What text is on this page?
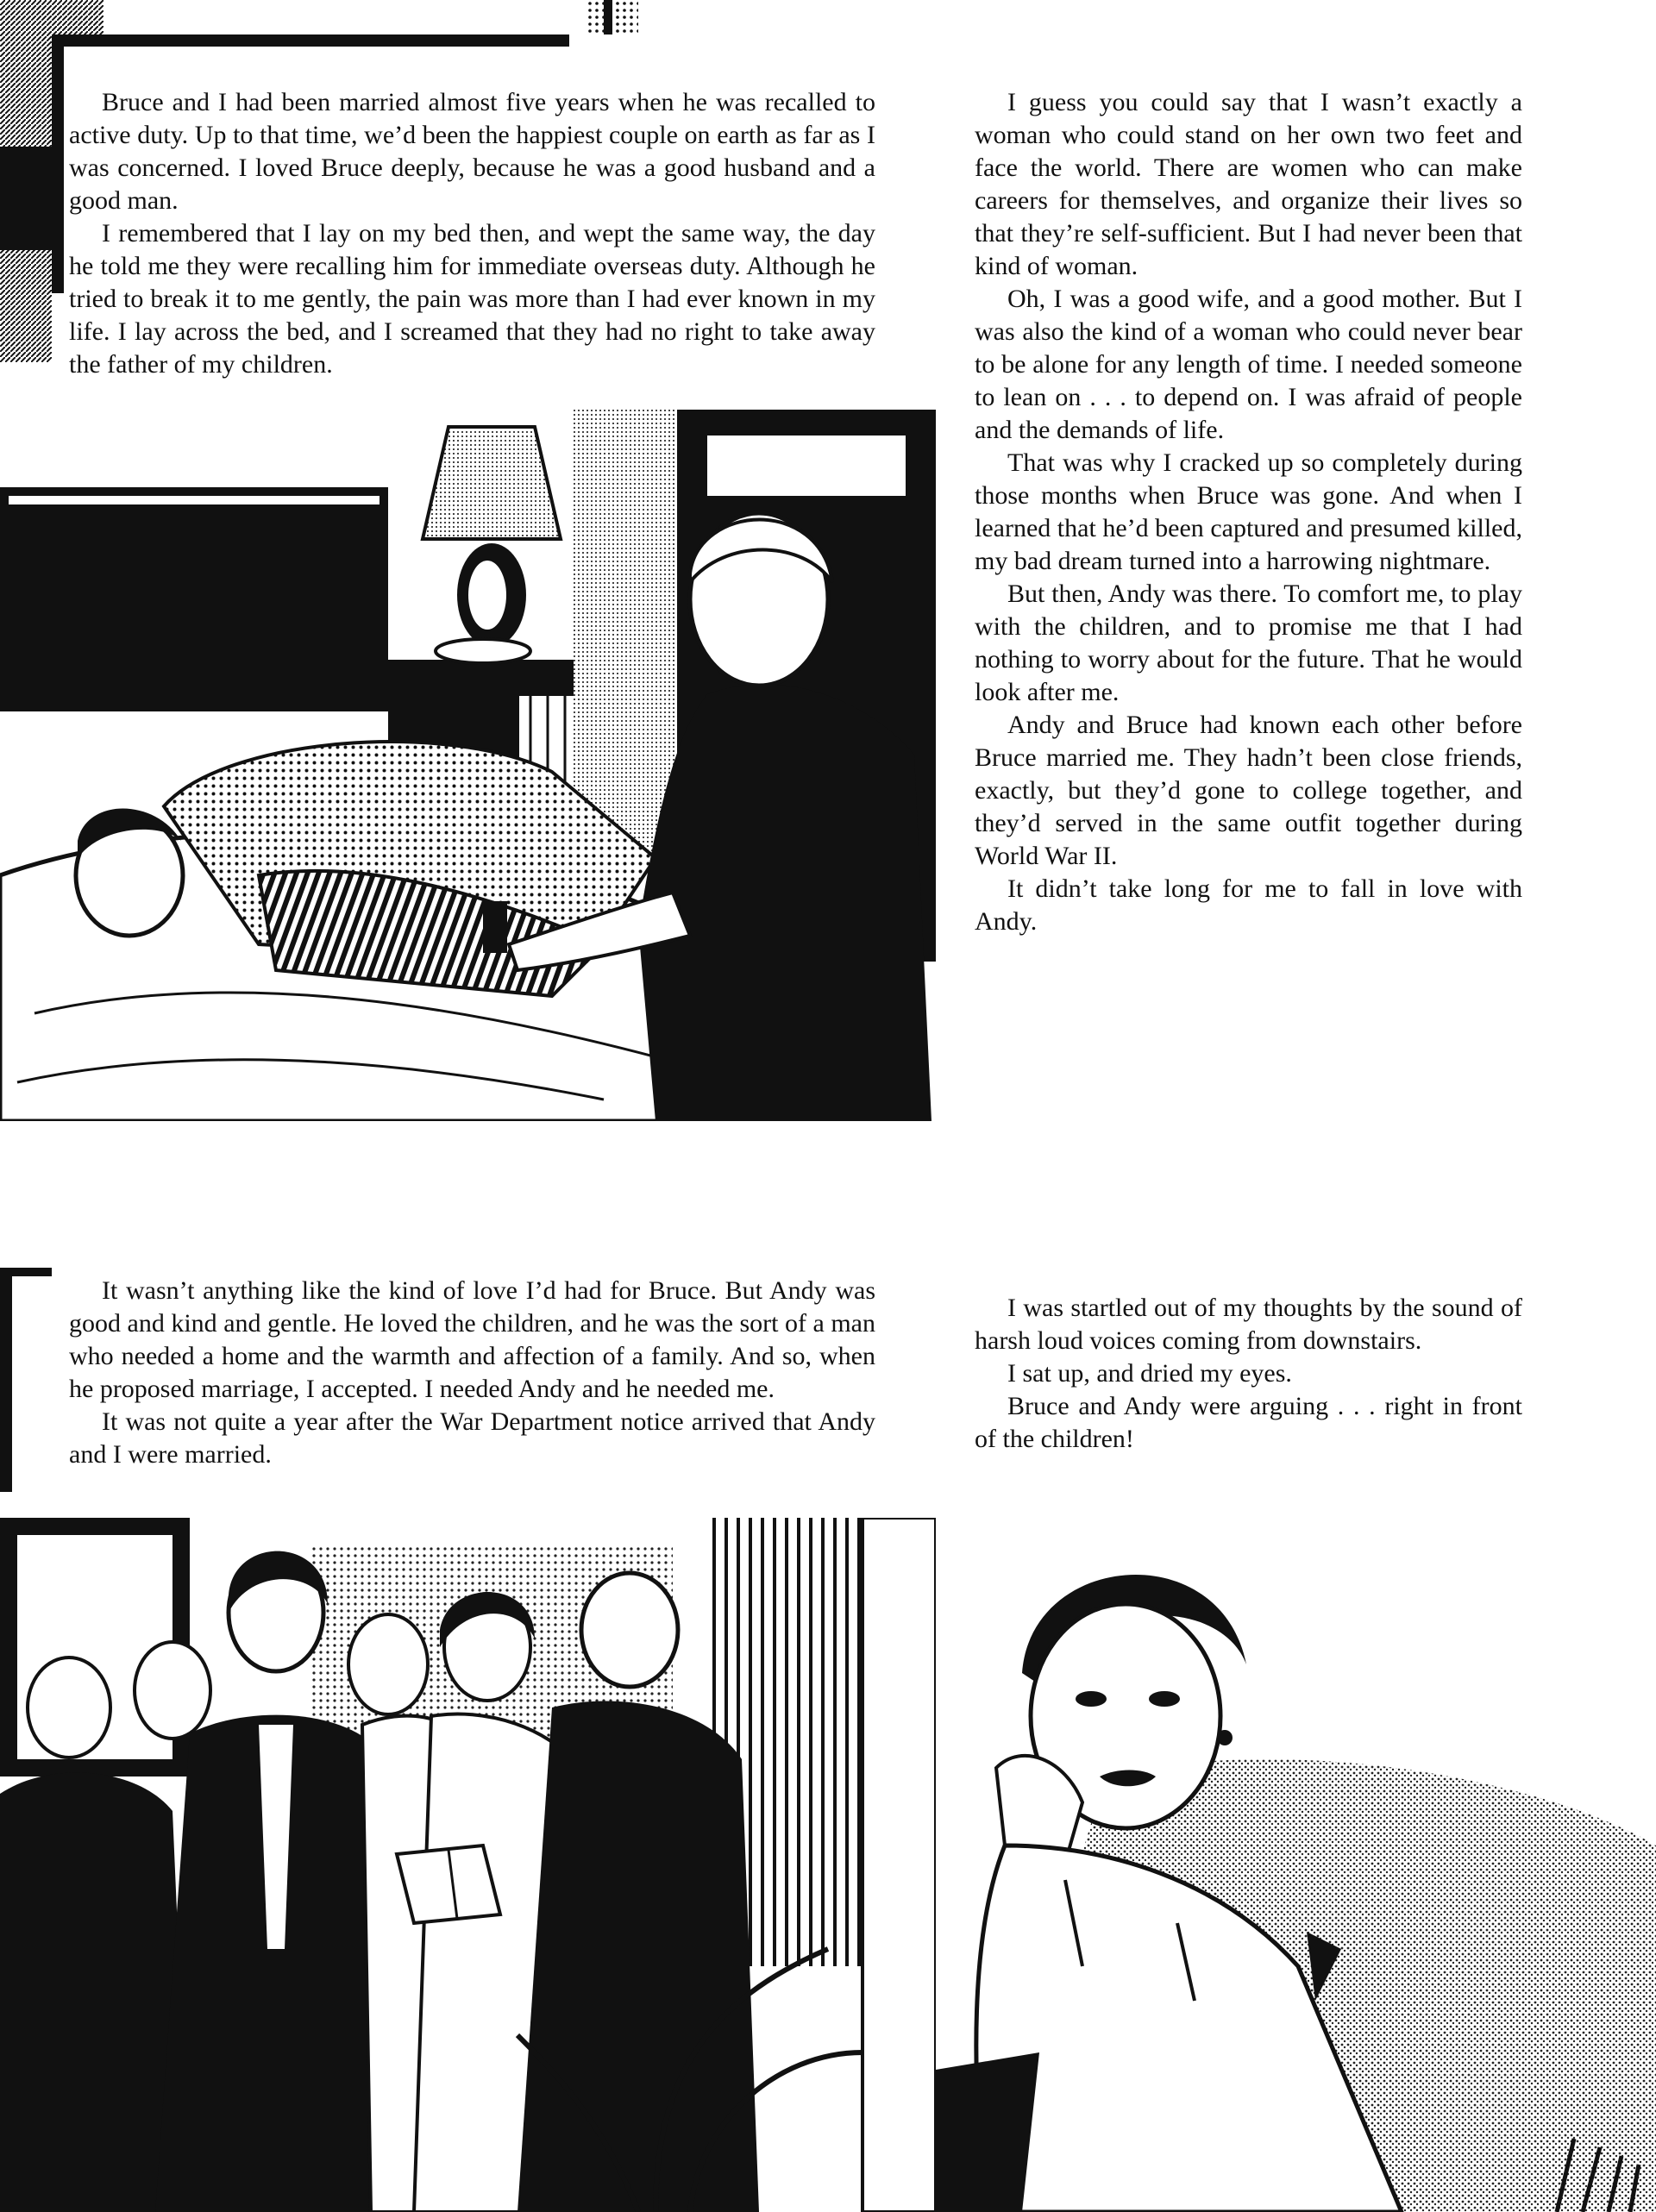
Bruce and I had been married almost five years when he was recalled to active duty. Up to that time, we’d been the happiest couple on earth as far as I was concerned. I loved Bruce deeply, because he was a good husband and a good man.

I remembered that I lay on my bed then, and wept the same way, the day he told me they were recalling him for immediate overseas duty. Although he tried to break it to me gently, the pain was more than I had ever known in my life. I lay across the bed, and I screamed that they had no right to take away the father of my children.

I guess you could say that I wasn’t exactly a woman who could stand on her own two feet and face the world. There are women who can make careers for themselves, and organize their lives so that they’re self-sufficient. But I had never been that kind of woman.

Oh, I was a good wife, and a good mother. But I was also the kind of a woman who could never bear to be alone for any length of time. I needed someone to lean on . . . to depend on. I was afraid of people and the demands of life.

That was why I cracked up so completely during those months when Bruce was gone. And when I learned that he’d been captured and presumed killed, my bad dream turned into a harrowing nightmare.

But then, Andy was there. To comfort me, to play with the children, and to promise me that I had nothing to worry about for the future. That he would look after me.

Andy and Bruce had known each other before Bruce married me. They hadn’t been close friends, exactly, but they’d gone to college together, and they’d served in the same outfit together during World War II.

It didn’t take long for me to fall in love with Andy.

It wasn’t anything like the kind of love I’d had for Bruce. But Andy was good and kind and gentle. He loved the children, and he was the sort of a man who needed a home and the warmth and affection of a family. And so, when he proposed marriage, I accepted. I needed Andy and he needed me.

It was not quite a year after the War Department notice arrived that Andy and I were married.

I was startled out of my thoughts by the sound of harsh loud voices coming from downstairs.

I sat up, and dried my eyes.

Bruce and Andy were arguing . . . right in front of the children!
